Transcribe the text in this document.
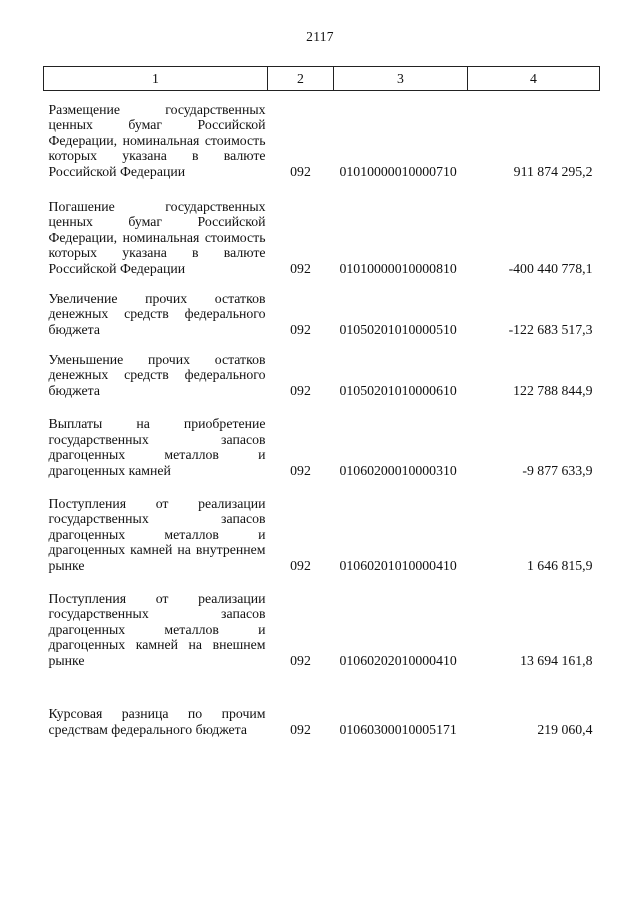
2117
1	2	3	4
Размещение государственных ценных бумаг Российской Федерации, номинальная стоимость которых указана в валюте Российской Федерации	092	01010000010000710	911 874 295,2
Погашение государственных ценных бумаг Российской Федерации, номинальная стоимость которых указана в валюте Российской Федерации	092	01010000010000810	-400 440 778,1
Увеличение прочих остатков денежных средств федерального бюджета	092	01050201010000510	-122 683 517,3
Уменьшение прочих остатков денежных средств федерального бюджета	092	01050201010000610	122 788 844,9
Выплаты на приобретение государственных запасов драгоценных металлов и драгоценных камней	092	01060200010000310	-9 877 633,9
Поступления от реализации государственных запасов драгоценных металлов и драгоценных камней на внутреннем рынке	092	01060201010000410	1 646 815,9
Поступления от реализации государственных запасов драгоценных металлов и драгоценных камней на внешнем рынке	092	01060202010000410	13 694 161,8
Курсовая разница по прочим средствам федерального бюджета	092	01060300010005171	219 060,4
